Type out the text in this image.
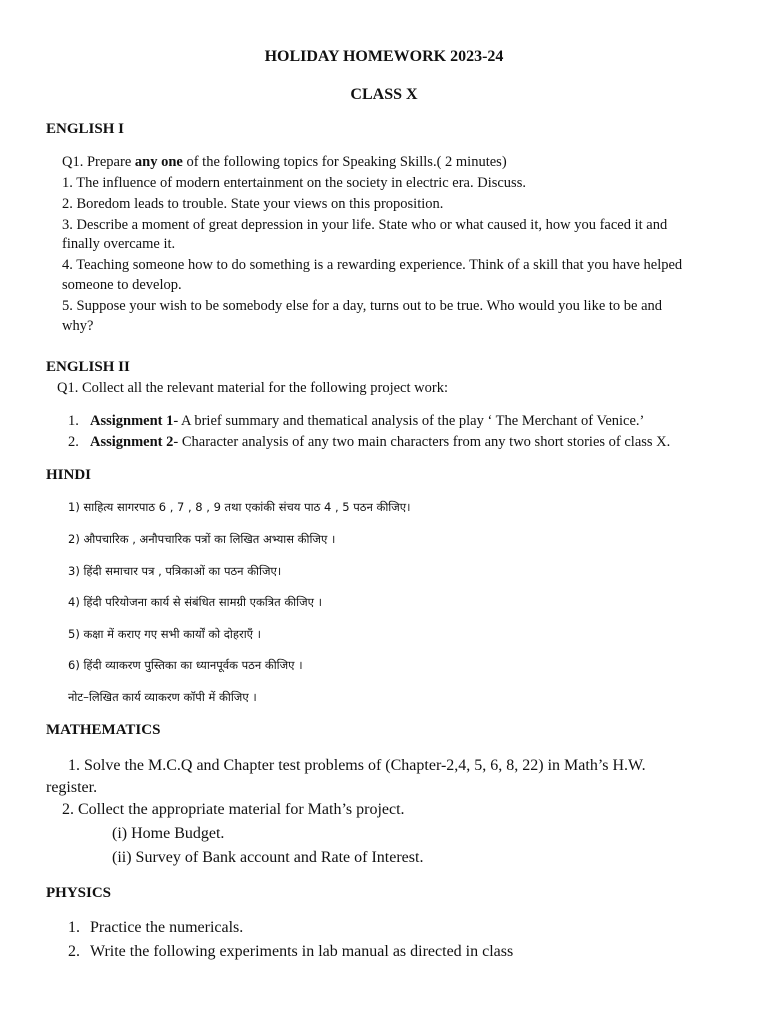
HOLIDAY HOMEWORK 2023-24
CLASS X
ENGLISH I
Q1. Prepare any one of the following topics for Speaking Skills.( 2 minutes)
1. The influence of modern entertainment on the society in electric era. Discuss.
2. Boredom leads to trouble. State your views on this proposition.
3. Describe a moment of great depression in your life. State who or what caused it, how you faced it and
finally overcame it.
4. Teaching someone how to do something is a rewarding experience. Think of a skill that you have helped
someone to develop.
5. Suppose your wish to be somebody else for a day, turns out to be true. Who would you like to be and
why?
ENGLISH II
Q1. Collect all the relevant material for the following project work:
1. Assignment 1- A brief summary and thematical analysis of the play ‘ The Merchant of Venice.’
2. Assignment 2- Character analysis of any two main characters from any two short stories of class X.
HINDI
1) साहित्य सागरपाठ 6 , 7 , 8 , 9 तथा एकांकी संचय पाठ 4 , 5 पठन कीजिए।
2) औपचारिक , अनौपचारिक पत्रों का लिखित अभ्यास कीजिए ।
3) हिंदी समाचार पत्र , पत्रिकाओं का पठन कीजिए।
4) हिंदी परियोजना कार्य से संबंधित सामग्री एकत्रित कीजिए ।
5) कक्षा में कराए गए सभी कार्यों को दोहराएँ ।
6) हिंदी व्याकरण पुस्तिका का ध्यानपूर्वक पठन कीजिए ।
नोट–लिखित कार्य व्याकरण कॉपी में कीजिए ।
MATHEMATICS
1. Solve the M.C.Q and Chapter test problems of (Chapter-2,4, 5, 6, 8, 22) in Math’s H.W.
register.
2. Collect the appropriate material for Math’s project.
(i) Home Budget.
(ii) Survey of Bank account and Rate of Interest.
PHYSICS
1. Practice the numericals.
2. Write the following experiments in lab manual as directed in class
